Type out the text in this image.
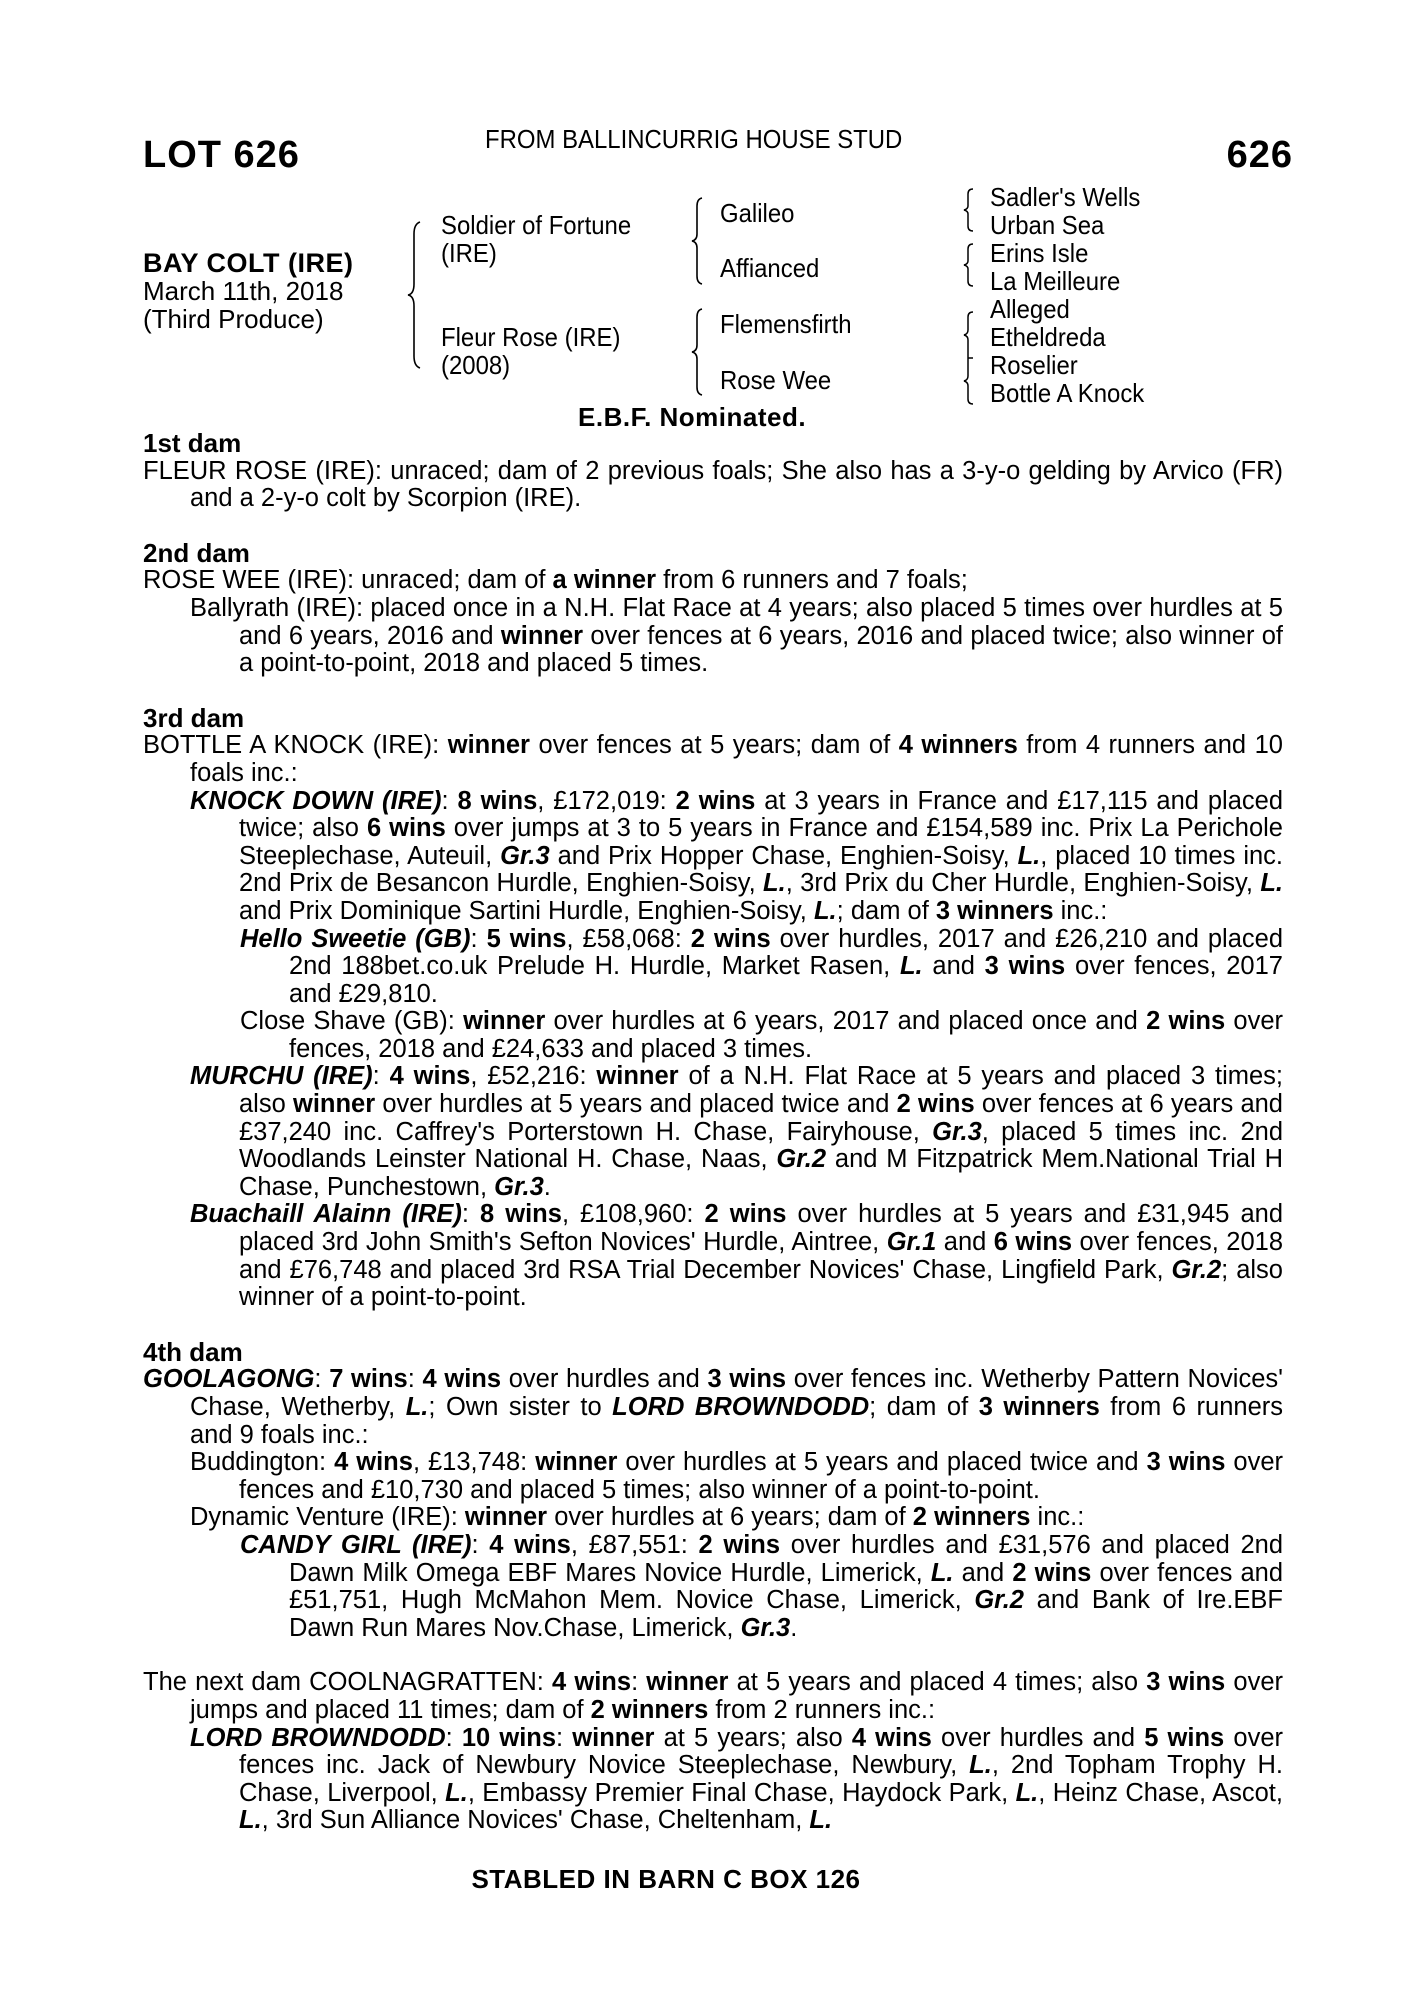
LOT 626	FROM BALLINCURRIG HOUSE STUD	626
BAY COLT (IRE)
March 11th, 2018
(Third Produce)
Soldier of Fortune
(IRE)
Fleur Rose (IRE)
(2008)
Galileo
Affianced
Flemensfirth
Rose Wee
Sadler's Wells
Urban Sea
Erins Isle
La Meilleure
Alleged
Etheldreda
Roselier
Bottle A Knock
E.B.F. Nominated.
1st dam
FLEUR ROSE (IRE): unraced; dam of 2 previous foals; She also has a 3-y-o gelding by Arvico (FR) and a 2-y-o colt by Scorpion (IRE).
2nd dam
ROSE WEE (IRE): unraced; dam of a winner from 6 runners and 7 foals;
Ballyrath (IRE): placed once in a N.H. Flat Race at 4 years; also placed 5 times over hurdles at 5 and 6 years, 2016 and winner over fences at 6 years, 2016 and placed twice; also winner of a point-to-point, 2018 and placed 5 times.
3rd dam
BOTTLE A KNOCK (IRE): winner over fences at 5 years; dam of 4 winners from 4 runners and 10 foals inc.:
KNOCK DOWN (IRE): 8 wins, £172,019: 2 wins at 3 years in France and £17,115 and placed twice; also 6 wins over jumps at 3 to 5 years in France and £154,589 inc. Prix La Perichole Steeplechase, Auteuil, Gr.3 and Prix Hopper Chase, Enghien-Soisy, L., placed 10 times inc. 2nd Prix de Besancon Hurdle, Enghien-Soisy, L., 3rd Prix du Cher Hurdle, Enghien-Soisy, L. and Prix Dominique Sartini Hurdle, Enghien-Soisy, L.; dam of 3 winners inc.:
Hello Sweetie (GB): 5 wins, £58,068: 2 wins over hurdles, 2017 and £26,210 and placed 2nd 188bet.co.uk Prelude H. Hurdle, Market Rasen, L. and 3 wins over fences, 2017 and £29,810.
Close Shave (GB): winner over hurdles at 6 years, 2017 and placed once and 2 wins over fences, 2018 and £24,633 and placed 3 times.
MURCHU (IRE): 4 wins, £52,216: winner of a N.H. Flat Race at 5 years and placed 3 times; also winner over hurdles at 5 years and placed twice and 2 wins over fences at 6 years and £37,240 inc. Caffrey's Porterstown H. Chase, Fairyhouse, Gr.3, placed 5 times inc. 2nd Woodlands Leinster National H. Chase, Naas, Gr.2 and M Fitzpatrick Mem.National Trial H Chase, Punchestown, Gr.3.
Buachaill Alainn (IRE): 8 wins, £108,960: 2 wins over hurdles at 5 years and £31,945 and placed 3rd John Smith's Sefton Novices' Hurdle, Aintree, Gr.1 and 6 wins over fences, 2018 and £76,748 and placed 3rd RSA Trial December Novices' Chase, Lingfield Park, Gr.2; also winner of a point-to-point.
4th dam
GOOLAGONG: 7 wins: 4 wins over hurdles and 3 wins over fences inc. Wetherby Pattern Novices' Chase, Wetherby, L.; Own sister to LORD BROWNDODD; dam of 3 winners from 6 runners and 9 foals inc.:
Buddington: 4 wins, £13,748: winner over hurdles at 5 years and placed twice and 3 wins over fences and £10,730 and placed 5 times; also winner of a point-to-point.
Dynamic Venture (IRE): winner over hurdles at 6 years; dam of 2 winners inc.:
CANDY GIRL (IRE): 4 wins, £87,551: 2 wins over hurdles and £31,576 and placed 2nd Dawn Milk Omega EBF Mares Novice Hurdle, Limerick, L. and 2 wins over fences and £51,751, Hugh McMahon Mem. Novice Chase, Limerick, Gr.2 and Bank of Ire.EBF Dawn Run Mares Nov.Chase, Limerick, Gr.3.
The next dam COOLNAGRATTEN: 4 wins: winner at 5 years and placed 4 times; also 3 wins over jumps and placed 11 times; dam of 2 winners from 2 runners inc.:
LORD BROWNDODD: 10 wins: winner at 5 years; also 4 wins over hurdles and 5 wins over fences inc. Jack of Newbury Novice Steeplechase, Newbury, L., 2nd Topham Trophy H. Chase, Liverpool, L., Embassy Premier Final Chase, Haydock Park, L., Heinz Chase, Ascot, L., 3rd Sun Alliance Novices' Chase, Cheltenham, L.
STABLED IN BARN C BOX 126
